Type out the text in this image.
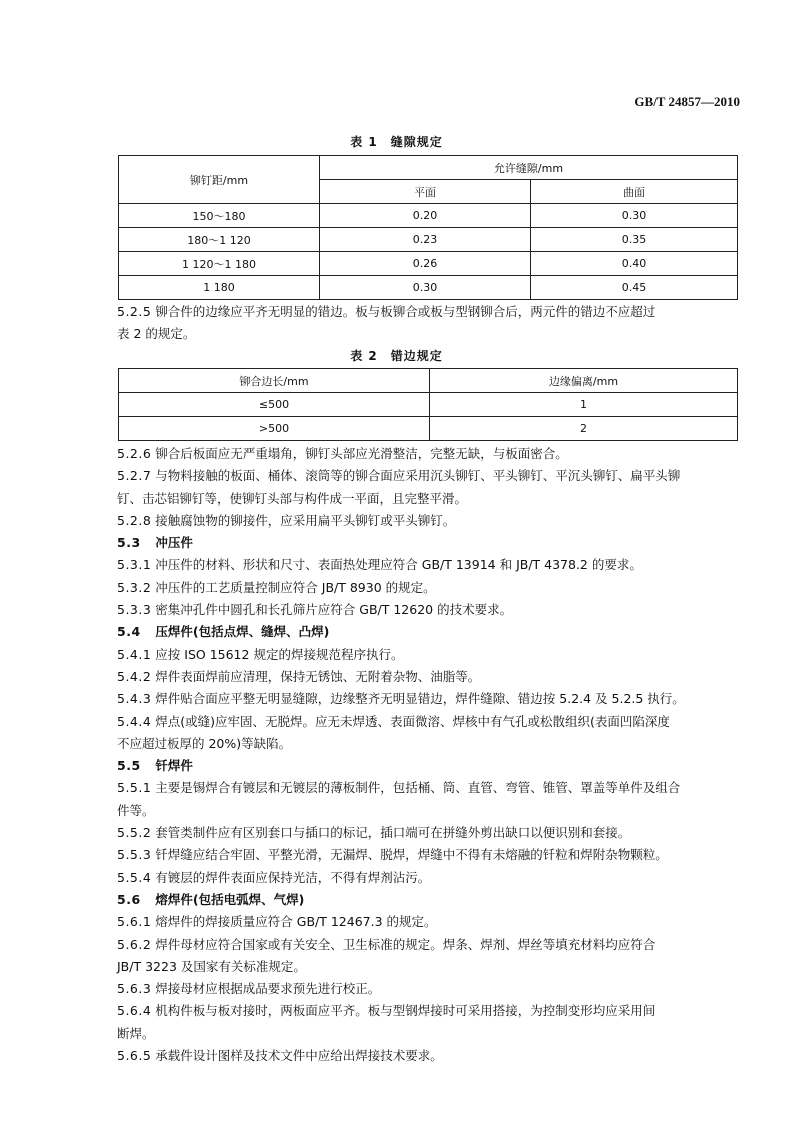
GB/T 24857—2010
表 1　缝隙规定
铆钉距/mm	允许缝隙/mm	
	平面	曲面
150～180	0.20	0.30
180～1 120	0.23	0.35
1 120～1 180	0.26	0.40
1 180	0.30	0.45

5.2.5 铆合件的边缘应平齐无明显的错边。板与板铆合或板与型钢铆合后，两元件的错边不应超过

表 2 的规定。

表 2　错边规定
铆合边长/mm	边缘偏离/mm
≤500	1
>500	2

5.2.6 铆合后板面应无严重塌角，铆钉头部应光滑整洁，完整无缺，与板面密合。

5.2.7 与物料接触的板面、桶体、滚筒等的铆合面应采用沉头铆钉、平头铆钉、平沉头铆钉、扁平头铆

钉、击芯铝铆钉等，使铆钉头部与构件成一平面，且完整平滑。

5.2.8 接触腐蚀物的铆接件，应采用扁平头铆钉或平头铆钉。

5.3 冲压件

5.3.1 冲压件的材料、形状和尺寸、表面热处理应符合 GB/T 13914 和 JB/T 4378.2 的要求。

5.3.2 冲压件的工艺质量控制应符合 JB/T 8930 的规定。

5.3.3 密集冲孔件中圆孔和长孔筛片应符合 GB/T 12620 的技术要求。

5.4 压焊件(包括点焊、缝焊、凸焊)

5.4.1 应按 ISO 15612 规定的焊接规范程序执行。

5.4.2 焊件表面焊前应清理，保持无锈蚀、无附着杂物、油脂等。

5.4.3 焊件贴合面应平整无明显缝隙，边缘整齐无明显错边，焊件缝隙、错边按 5.2.4 及 5.2.5 执行。

5.4.4 焊点(或缝)应牢固、无脱焊。应无未焊透、表面微溶、焊核中有气孔或松散组织(表面凹陷深度

不应超过板厚的 20%)等缺陷。

5.5 钎焊件

5.5.1 主要是锡焊合有镀层和无镀层的薄板制件，包括桶、筒、直管、弯管、锥管、罩盖等单件及组合

件等。

5.5.2 套管类制件应有区别套口与插口的标记，插口端可在拼缝外剪出缺口以便识别和套接。

5.5.3 钎焊缝应结合牢固、平整光滑，无漏焊、脱焊，焊缝中不得有未熔融的钎粒和焊附杂物颗粒。

5.5.4 有镀层的焊件表面应保持光洁，不得有焊剂沾污。

5.6 熔焊件(包括电弧焊、气焊)

5.6.1 熔焊件的焊接质量应符合 GB/T 12467.3 的规定。

5.6.2 焊件母材应符合国家或有关安全、卫生标准的规定。焊条、焊剂、焊丝等填充材料均应符合

JB/T 3223 及国家有关标准规定。

5.6.3 焊接母材应根据成品要求预先进行校正。

5.6.4 机构件板与板对接时，两板面应平齐。板与型钢焊接时可采用搭接，为控制变形均应采用间

断焊。

5.6.5 承载件设计图样及技术文件中应给出焊接技术要求。
